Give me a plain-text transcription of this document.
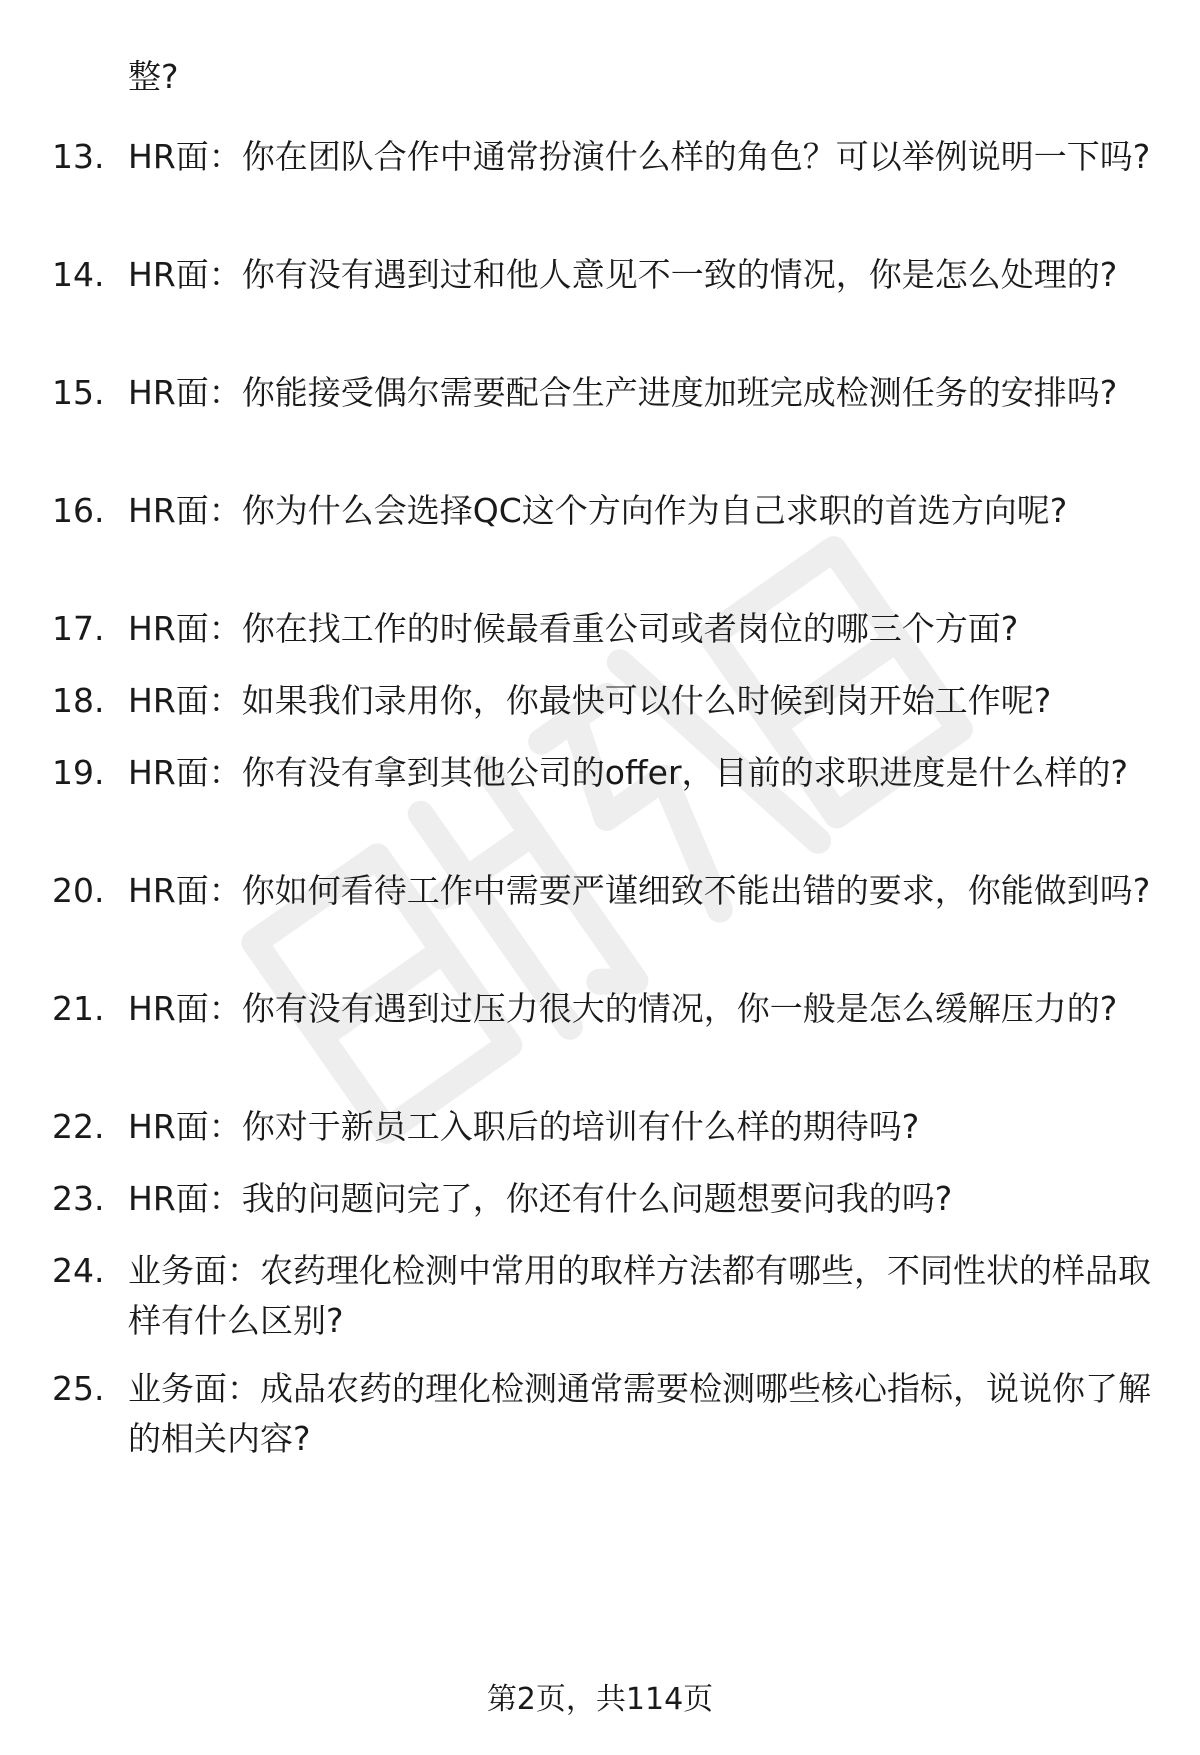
整?
13. HR面：你在团队合作中通常扮演什么样的角色？可以举例说明一下吗?
14. HR面：你有没有遇到过和他人意见不一致的情况，你是怎么处理的?
15. HR面：你能接受偶尔需要配合生产进度加班完成检测任务的安排吗?
16. HR面：你为什么会选择QC这个方向作为自己求职的首选方向呢?
17. HR面：你在找工作的时候最看重公司或者岗位的哪三个方面?
18. HR面：如果我们录用你，你最快可以什么时候到岗开始工作呢?
19. HR面：你有没有拿到其他公司的offer，目前的求职进度是什么样的?
20. HR面：你如何看待工作中需要严谨细致不能出错的要求，你能做到吗?
21. HR面：你有没有遇到过压力很大的情况，你一般是怎么缓解压力的?
22. HR面：你对于新员工入职后的培训有什么样的期待吗?
23. HR面：我的问题问完了，你还有什么问题想要问我的吗?
24. 业务面：农药理化检测中常用的取样方法都有哪些，不同性状的样品取样有什么区别?
25. 业务面：成品农药的理化检测通常需要检测哪些核心指标，说说你了解的相关内容?
第2页，共114页
